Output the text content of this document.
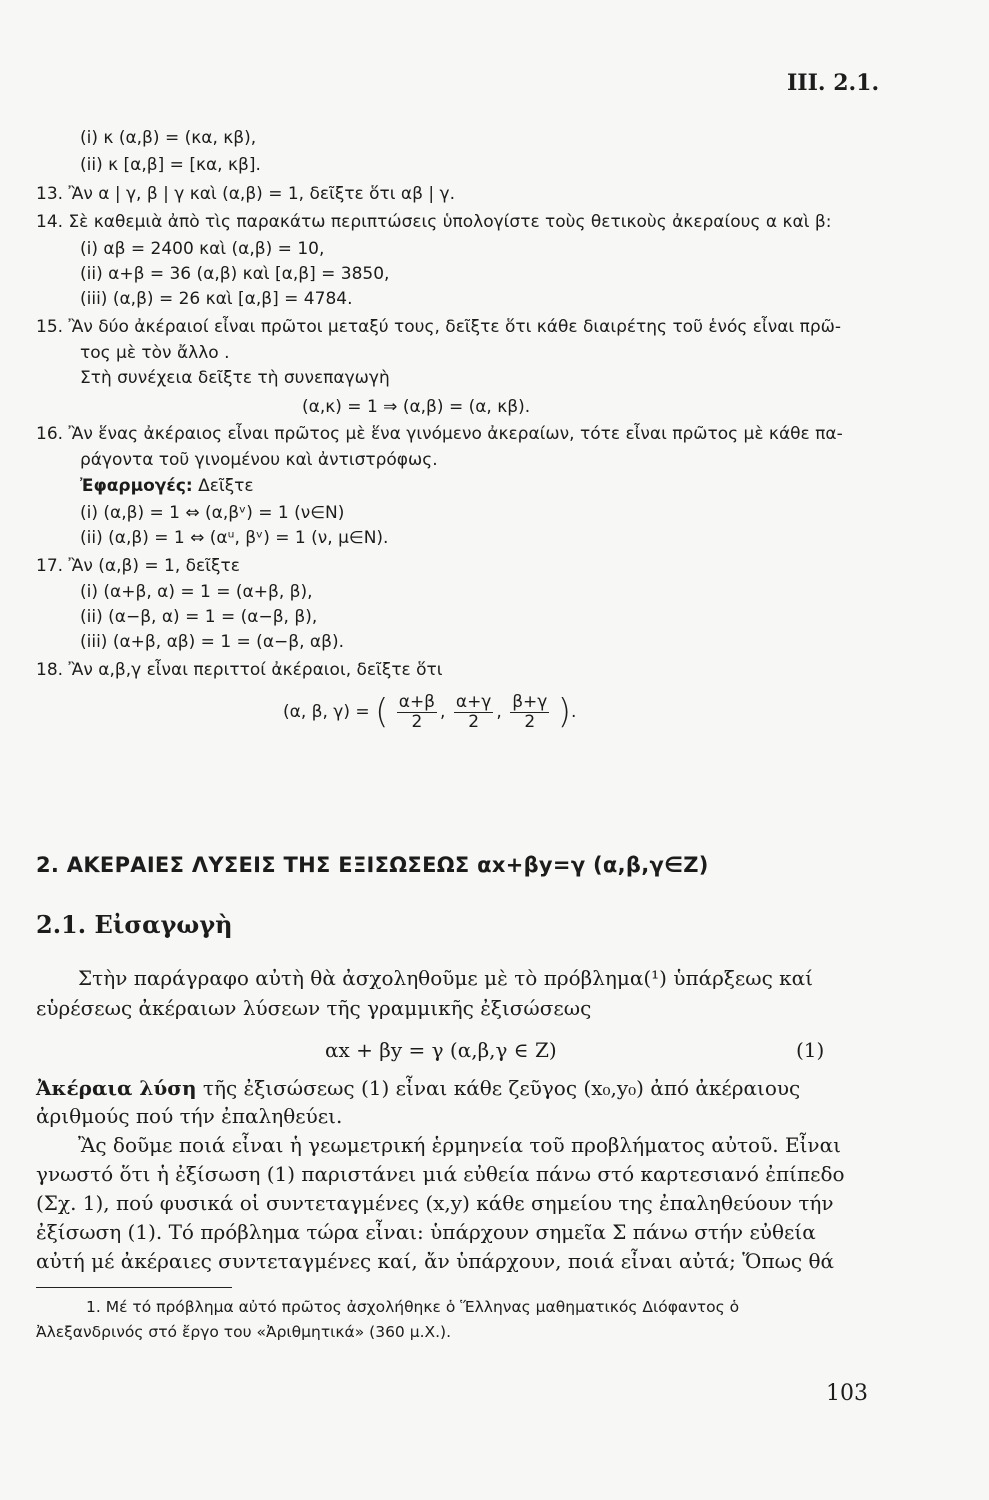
III. 2.1.
(i) κ (α,β) = (κα, κβ),
(ii) κ [α,β] = [κα, κβ].
13. Ἂν α | γ, β | γ καὶ (α,β) = 1, δεῖξτε ὅτι αβ | γ.
14. Σὲ καθεμιὰ ἀπὸ τὶς παρακάτω περιπτώσεις ὑπολογίστε τοὺς θετικοὺς ἀκεραίους α καὶ β:
(i) αβ = 2400 καὶ (α,β) = 10,
(ii) α+β = 36 (α,β) καὶ [α,β] = 3850,
(iii) (α,β) = 26 καὶ [α,β] = 4784.
15. Ἂν δύο ἀκέραιοί εἶναι πρῶτοι μεταξύ τους, δεῖξτε ὅτι κάθε διαιρέτης τοῦ ἑνός εἶναι πρῶ-
τος μὲ τὸν ἄλλο .
Στὴ συνέχεια δεῖξτε τὴ συνεπαγωγὴ
(α,κ) = 1 ⇒ (α,β) = (α, κβ).
16. Ἂν ἕνας ἀκέραιος εἶναι πρῶτος μὲ ἕνα γινόμενο ἀκεραίων, τότε εἶναι πρῶτος μὲ κάθε πα-
ράγοντα τοῦ γινομένου καὶ ἀντιστρόφως.
Ἐφαρμογές: Δεῖξτε
(i) (α,β) = 1 ⇔ (α,βᵛ) = 1 (ν∈N)
(ii) (α,β) = 1 ⇔ (αᵘ, βᵛ) = 1 (ν, μ∈N).
17. Ἂν (α,β) = 1, δεῖξτε
(i) (α+β, α) = 1 = (α+β, β),
(ii) (α−β, α) = 1 = (α−β, β),
(iii) (α+β, αβ) = 1 = (α−β, αβ).
18. Ἂν α,β,γ εἶναι περιττοί ἀκέραιοι, δεῖξτε ὅτι
(α, β, γ) = ( $\frac{\alpha+\beta}{2}$ , $\frac{\alpha+\gamma}{2}$ , $\frac{\beta+\gamma}{2}$ ).
2. ΑΚΕΡΑΙΕΣ ΛΥΣΕΙΣ ΤΗΣ ΕΞΙΣΩΣΕΩΣ αx+βy=γ (α,β,γ∈Z)
2.1. Εἰσαγωγὴ
Στὴν παράγραφο αὐτὴ θὰ ἀσχοληθοῦμε μὲ τὸ πρόβλημα(¹) ὑπάρξεως καί
εὑρέσεως ἀκέραιων λύσεων τῆς γραμμικῆς ἐξισώσεως
αx + βy = γ (α,β,γ ∈ Z)	(1)
Ἀκέραια λύση τῆς ἐξισώσεως (1) εἶναι κάθε ζεῦγος (x₀,y₀) ἀπό ἀκέραιους
ἀριθμούς πού τήν ἐπαληθεύει.
Ἂς δοῦμε ποιά εἶναι ἡ γεωμετρική ἑρμηνεία τοῦ προβλήματος αὐτοῦ. Εἶναι
γνωστό ὅτι ἡ ἐξίσωση (1) παριστάνει μιά εὐθεία πάνω στό καρτεσιανό ἐπίπεδο
(Σχ. 1), πού φυσικά οἱ συντεταγμένες (x,y) κάθε σημείου της ἐπαληθεύουν τήν
ἐξίσωση (1). Τό πρόβλημα τώρα εἶναι: ὑπάρχουν σημεῖα Σ πάνω στήν εὐθεία
αὐτή μέ ἀκέραιες συντεταγμένες καί, ἄν ὑπάρχουν, ποιά εἶναι αὐτά; Ὅπως θά
1. Μέ τό πρόβλημα αὐτό πρῶτος ἀσχολήθηκε ὁ Ἕλληνας μαθηματικός Διόφαντος ὁ
Ἀλεξανδρινός στό ἔργο του «Ἀριθμητικά» (360 μ.Χ.).
103
